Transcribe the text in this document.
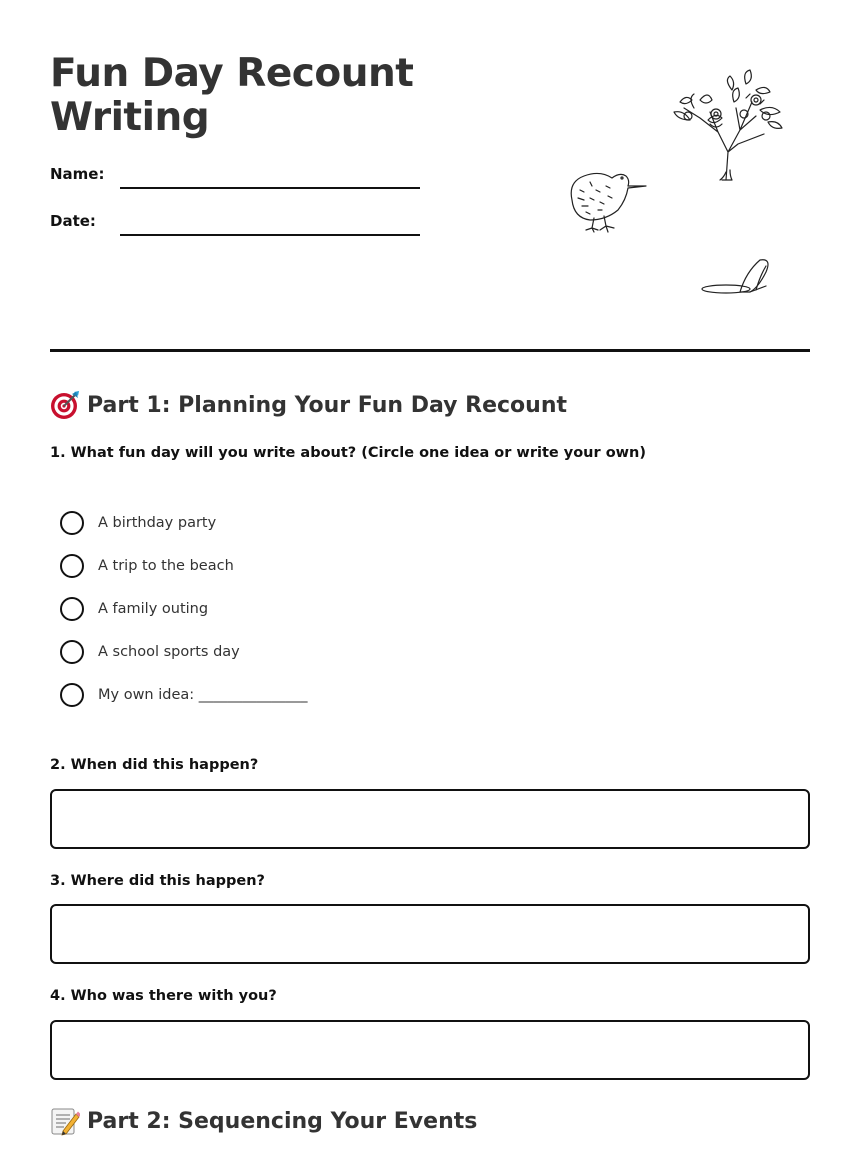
Fun Day Recount
Writing
Name:
Date:
Part 1: Planning Your Fun Day Recount
1. What fun day will you write about? (Circle one idea or write your own)
A birthday party
A trip to the beach
A family outing
A school sports day
My own idea: _______________
2. When did this happen?
3. Where did this happen?
4. Who was there with you?
Part 2: Sequencing Your Events
